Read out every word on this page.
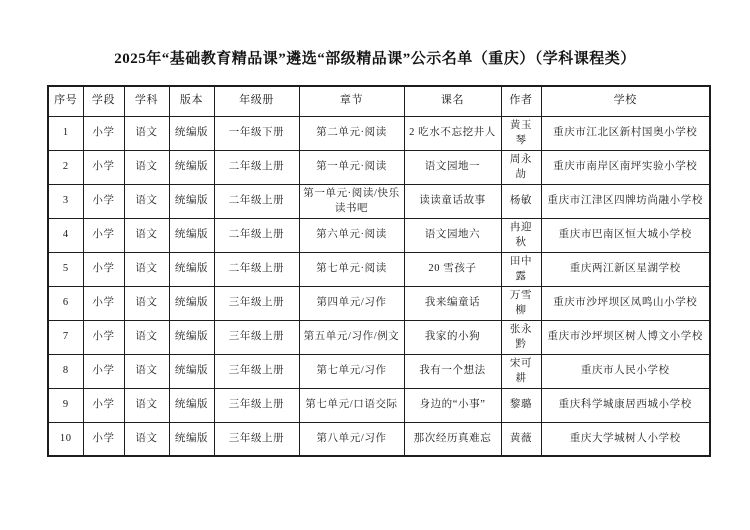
2025年“基础教育精品课”遴选“部级精品课”公示名单（重庆）（学科课程类）
序号	学段	学科	版本	年级册	章节	课名	作者	学校
1	小学	语文	统编版	一年级下册	第二单元·阅读	2 吃水不忘挖井人	黄玉琴	重庆市江北区新村国奥小学校
2	小学	语文	统编版	二年级上册	第一单元·阅读	语文园地一	周永劼	重庆市南岸区南坪实验小学校
3	小学	语文	统编版	二年级上册	第一单元·阅读/快乐读书吧	读读童话故事	杨敏	重庆市江津区四牌坊尚融小学校
4	小学	语文	统编版	二年级上册	第六单元·阅读	语文园地六	冉迎秋	重庆市巴南区恒大城小学校
5	小学	语文	统编版	二年级上册	第七单元·阅读	20 雪孩子	田中露	重庆两江新区星湖学校
6	小学	语文	统编版	三年级上册	第四单元/习作	我来编童话	万雪柳	重庆市沙坪坝区凤鸣山小学校
7	小学	语文	统编版	三年级上册	第五单元/习作/例文	我家的小狗	张永黔	重庆市沙坪坝区树人博文小学校
8	小学	语文	统编版	三年级上册	第七单元/习作	我有一个想法	宋可耕	重庆市人民小学校
9	小学	语文	统编版	三年级上册	第七单元/口语交际	身边的“小事”	黎璐	重庆科学城康居西城小学校
10	小学	语文	统编版	三年级上册	第八单元/习作	那次经历真难忘	黄薇	重庆大学城树人小学校
